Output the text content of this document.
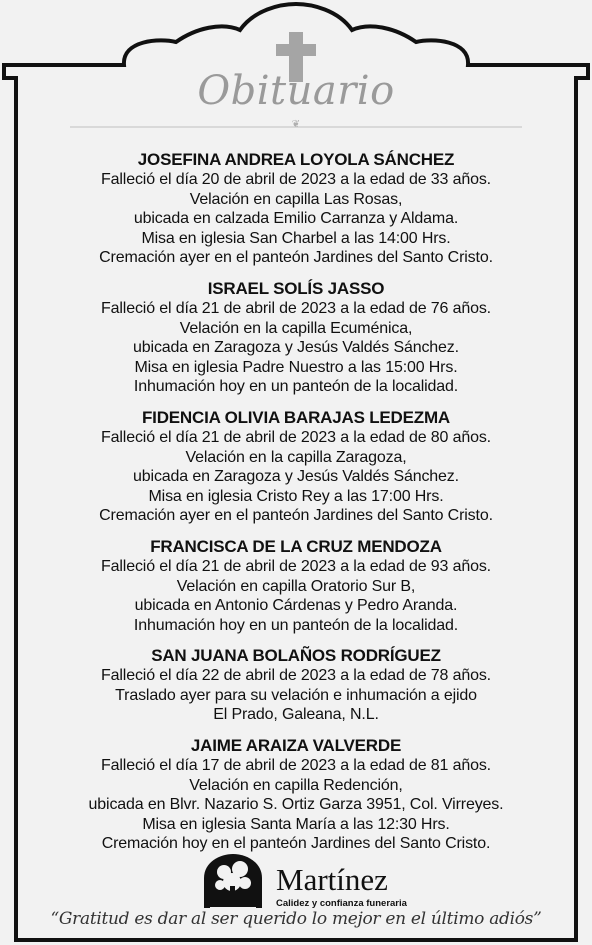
Obituario
❦
JOSEFINA ANDREA LOYOLA SÁNCHEZ
Falleció el día 20 de abril de 2023 a la edad de 33 años.
Velación en capilla Las Rosas,
ubicada en calzada Emilio Carranza y Aldama.
Misa en iglesia San Charbel a las 14:00 Hrs.
Cremación ayer en el panteón Jardines del Santo Cristo.
ISRAEL SOLÍS JASSO
Falleció el día 21 de abril de 2023 a la edad de 76 años.
Velación en la capilla Ecuménica,
ubicada en Zaragoza y Jesús Valdés Sánchez.
Misa en iglesia Padre Nuestro a las 15:00 Hrs.
Inhumación hoy en un panteón de la localidad.
FIDENCIA OLIVIA BARAJAS LEDEZMA
Falleció el día 21 de abril de 2023 a la edad de 80 años.
Velación en la capilla Zaragoza,
ubicada en Zaragoza y Jesús Valdés Sánchez.
Misa en iglesia Cristo Rey a las 17:00 Hrs.
Cremación ayer en el panteón Jardines del Santo Cristo.
FRANCISCA DE LA CRUZ MENDOZA
Falleció el día 21 de abril de 2023 a la edad de 93 años.
Velación en capilla Oratorio Sur B,
ubicada en Antonio Cárdenas y Pedro Aranda.
Inhumación hoy en un panteón de la localidad.
SAN JUANA BOLAÑOS RODRÍGUEZ
Falleció el día 22 de abril de 2023 a la edad de 78 años.
Traslado ayer para su velación e inhumación a ejido
El Prado, Galeana, N.L.
JAIME ARAIZA VALVERDE
Falleció el día 17 de abril de 2023 a la edad de 81 años.
Velación en capilla Redención,
ubicada en Blvr. Nazario S. Ortiz Garza 3951, Col. Virreyes.
Misa en iglesia Santa María a las 12:30 Hrs.
Cremación hoy en el panteón Jardines del Santo Cristo.
Martínez
Calidez y confianza funeraria
“Gratitud es dar al ser querido lo mejor en el último adiós”
